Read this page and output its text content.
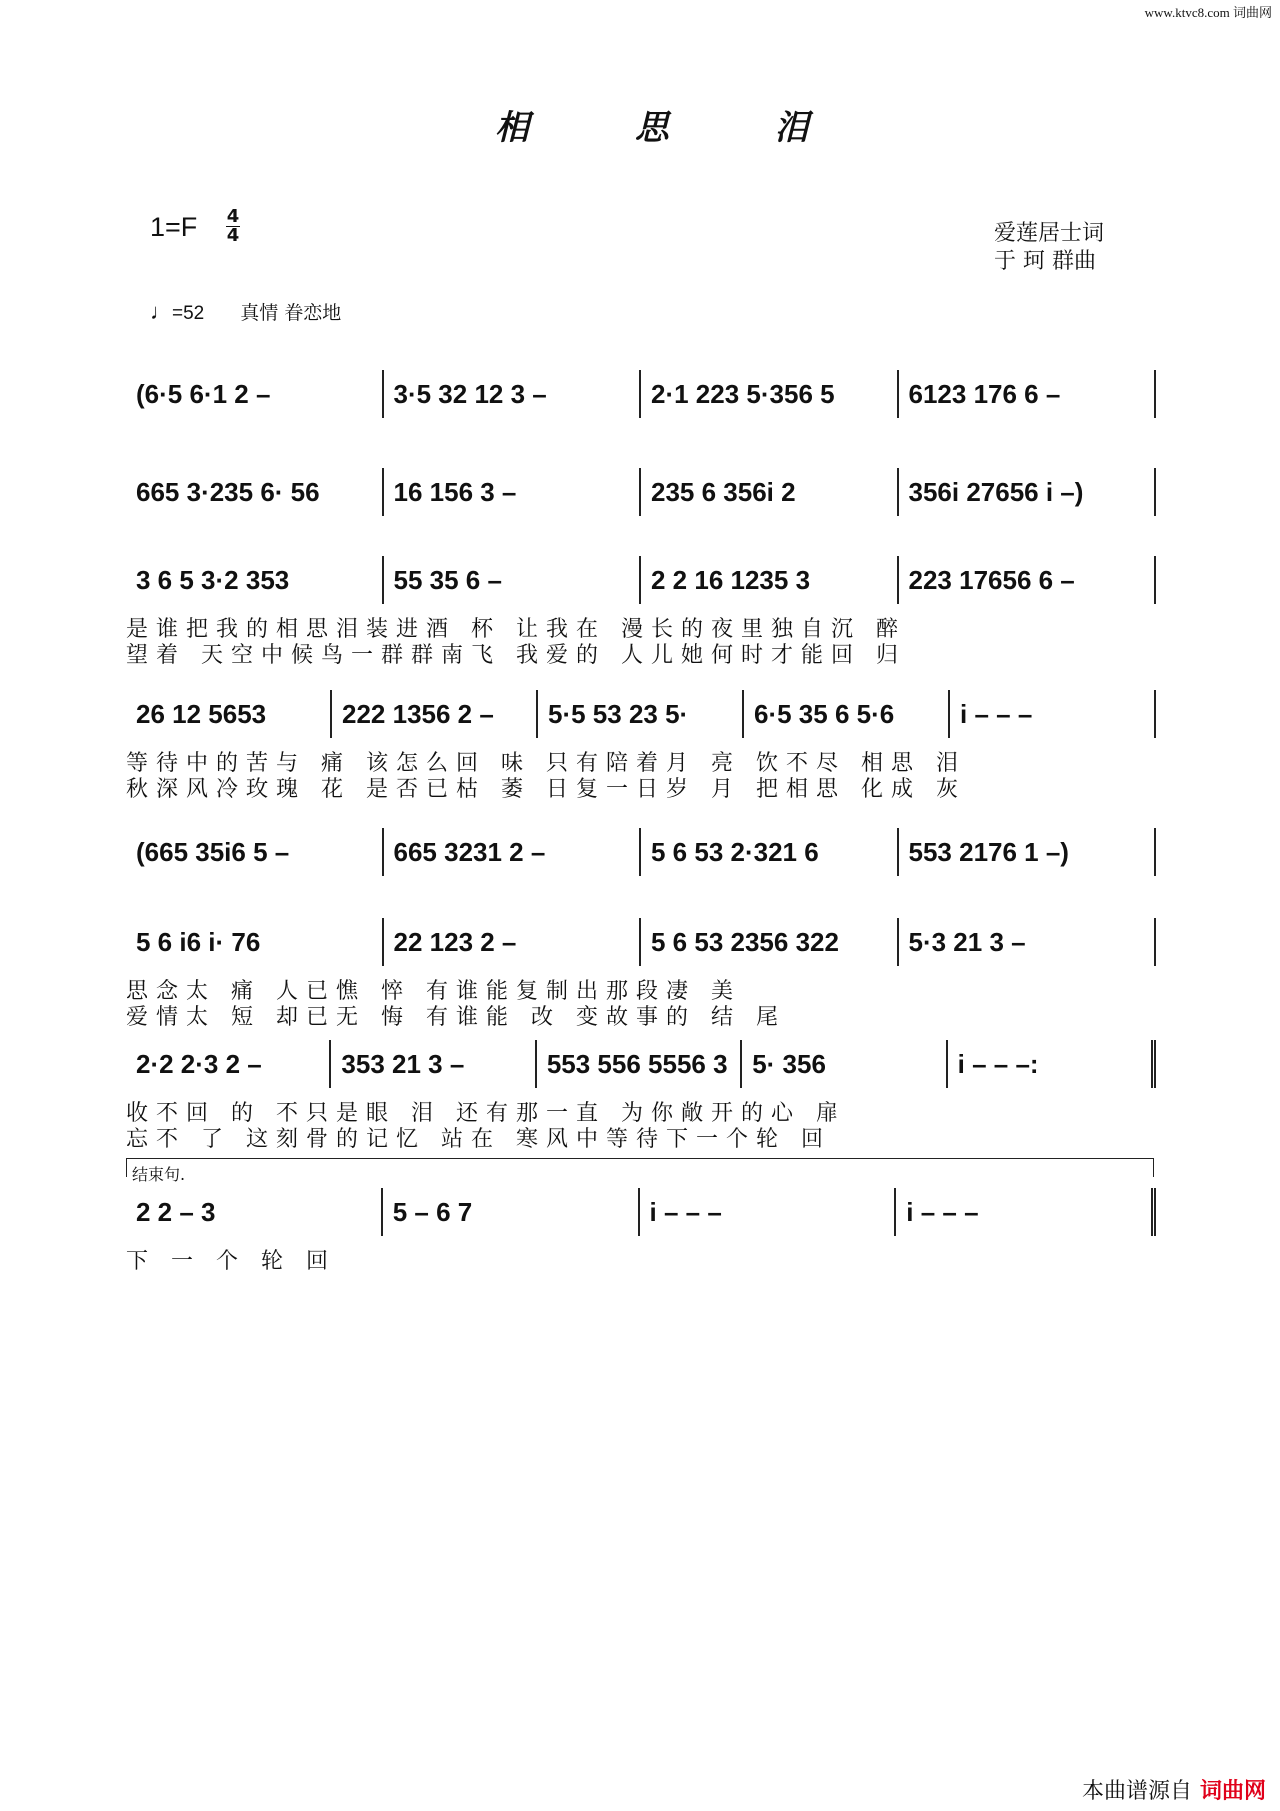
www.ktvc8.com 词曲网
相 思 泪
$1=F \frac{4}{4}$	爱莲居士词
于 珂 群曲
♩=52 真情 眷恋地
(6·5 6·1 2 –	3·5 32 12 3 –	2·1 223 5·356 5	6123 176 6 –
665 3·235 6· 56	16 156 3 –	235 6 356i 2	356i 27656 i –)
3 6 5 3·2 353	55 35 6 –	2 2 16 1235 3	223 17656 6 –
是谁把我的相思泪装进酒 杯 让我在 漫长的夜里独自沉 醉
望着 天空中候鸟一群群南飞 我爱的 人儿她何时才能回 归
26 12 5653	222 1356 2 –	5·5 53 23 5·	6·5 35 6 5·6	i – – –
等待中的苦与 痛 该怎么回 味 只有陪着月 亮 饮不尽 相思 泪
秋深风冷玫瑰 花 是否已枯 萎 日复一日岁 月 把相思 化成 灰
(665 35i6 5 –	665 3231 2 –	5 6 53 2·321 6	553 2176 1 –)
5 6 i6 i· 76	22 123 2 –	5 6 53 2356 322	5·3 21 3 –
思念太 痛 人已憔 悴 有谁能复制出那段凄 美
爱情太 短 却已无 悔 有谁能 改 变故事的 结 尾
2·2 2·3 2 –	353 21 3 –	553 556 5556 3 5· 356	i – – –:
收不回 的 不只是眼 泪 还有那一直 为你敞开的心 扉
忘不 了 这刻骨的记忆 站在 寒风中等待下一个轮 回
2 2 – 3	5 – 6 7	i – – –	i – – –
下 一 个 轮 回
结束句.
本曲谱源自 词曲网
